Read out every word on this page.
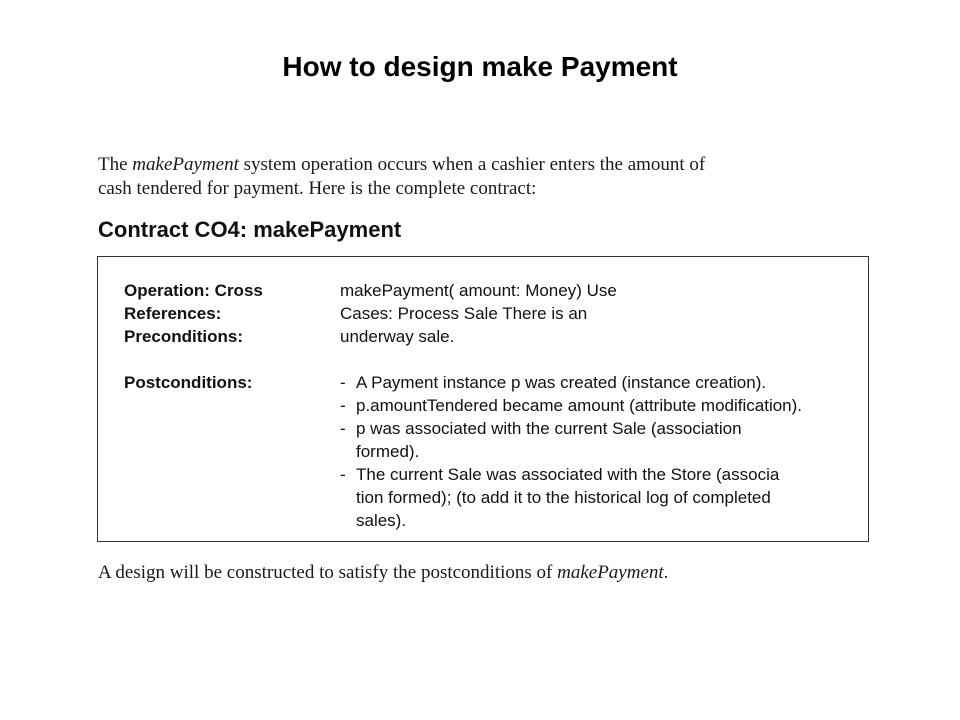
How to design make Payment

The makePayment system operation occurs when a cashier enters the amount of

cash tendered for payment. Here is the complete contract:

Contract CO4: makePayment
Operation: Cross
References:
Preconditions:
Postconditions:
makePayment( amount: Money) Use
Cases: Process Sale There is an
underway sale.
- A Payment instance p was created (instance creation).
- p.amountTendered became amount (attribute modification).
- p was associated with the current Sale (association
formed).
- The current Sale was associated with the Store (associa
tion formed); (to add it to the historical log of completed
sales).
A design will be constructed to satisfy the postconditions of makePayment.
